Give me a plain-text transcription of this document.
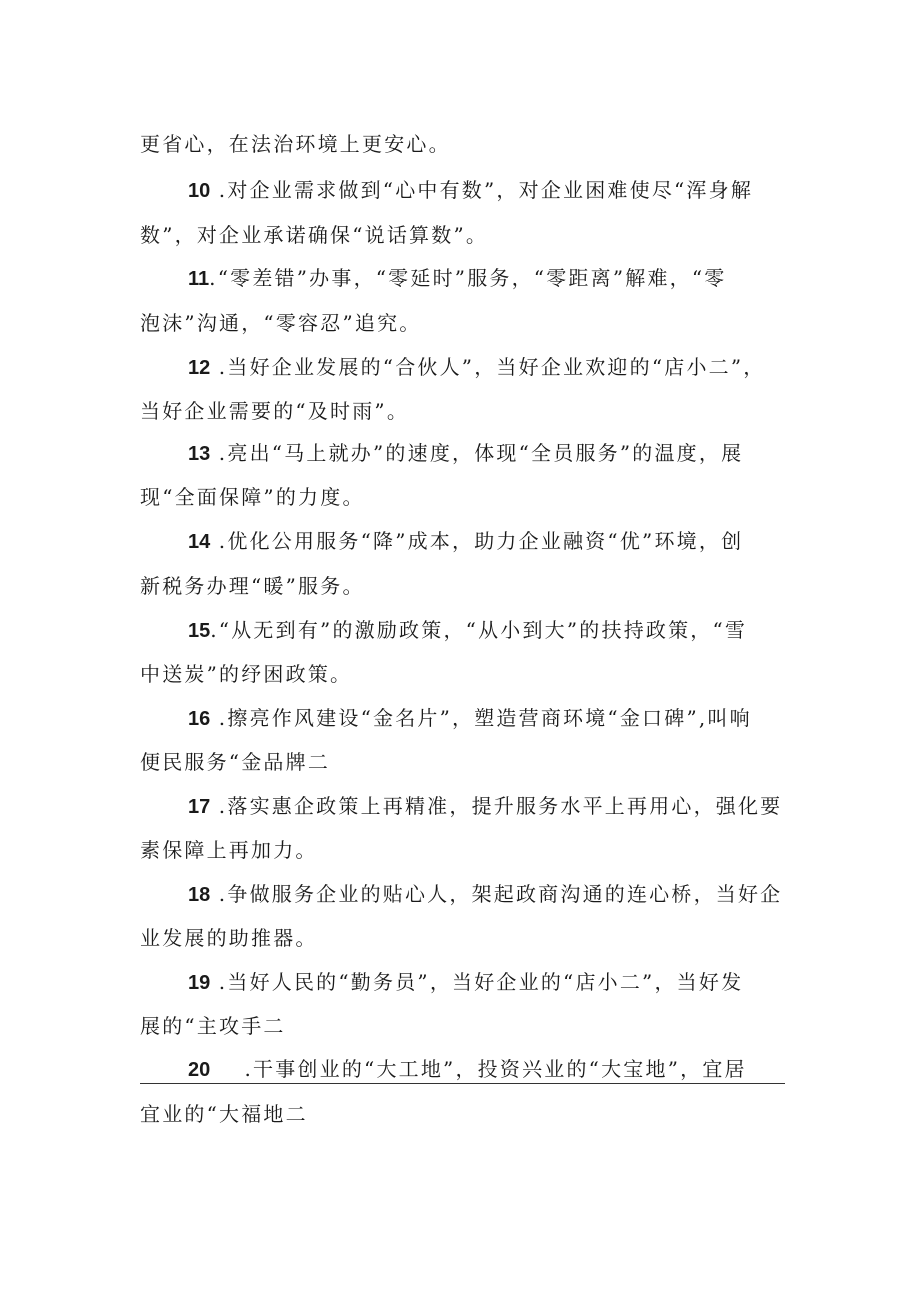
更省心，在法治环境上更安心。
10 .对企业需求做到“心中有数”，对企业困难使尽“浑身解
数”，对企业承诺确保“说话算数”。
11.“零差错”办事，“零延时”服务，“零距离”解难，“零
泡沫”沟通，“零容忍”追究。
12 .当好企业发展的“合伙人”，当好企业欢迎的“店小二”，
当好企业需要的“及时雨”。
13 .亮出“马上就办”的速度，体现“全员服务”的温度，展
现“全面保障”的力度。
14 .优化公用服务“降”成本，助力企业融资“优”环境，创
新税务办理“暖”服务。
15.“从无到有”的激励政策，“从小到大”的扶持政策，“雪
中送炭”的纾困政策。
16 .擦亮作风建设“金名片”，塑造营商环境“金口碑”,叫响
便民服务“金品牌二
17 .落实惠企政策上再精准，提升服务水平上再用心，强化要
素保障上再加力。
18 .争做服务企业的贴心人，架起政商沟通的连心桥，当好企
业发展的助推器。
19 .当好人民的“勤务员”，当好企业的“店小二”，当好发
展的“主攻手二
20    .干事创业的“大工地”，投资兴业的“大宝地”，宜居
宜业的“大福地二
